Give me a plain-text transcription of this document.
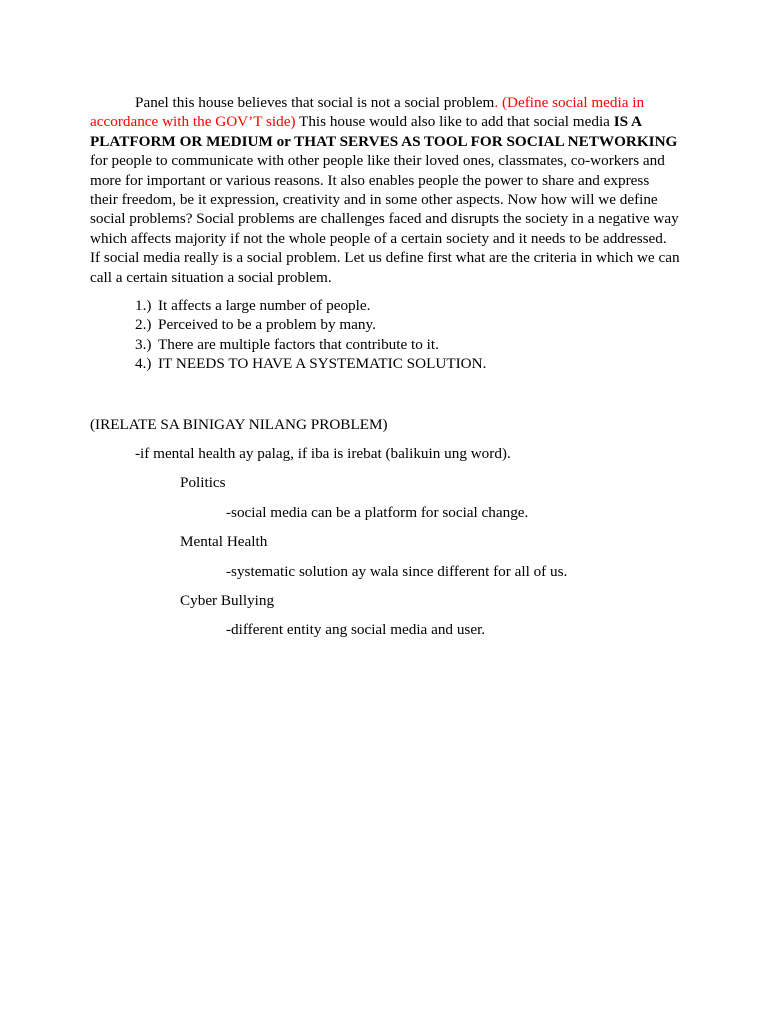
Panel this house believes that social is not a social problem. (Define social media in accordance with the GOV’T side) This house would also like to add that social media IS A PLATFORM OR MEDIUM or THAT SERVES AS TOOL FOR SOCIAL NETWORKING for people to communicate with other people like their loved ones, classmates, co-workers and more for important or various reasons. It also enables people the power to share and express their freedom, be it expression, creativity and in some other aspects. Now how will we define social problems? Social problems are challenges faced and disrupts the society in a negative way which affects majority if not the whole people of a certain society and it needs to be addressed. If social media really is a social problem. Let us define first what are the criteria in which we can call a certain situation a social problem.

1.) It affects a large number of people.
2.) Perceived to be a problem by many.
3.) There are multiple factors that contribute to it.
4.) IT NEEDS TO HAVE A SYSTEMATIC SOLUTION.

(IRELATE SA BINIGAY NILANG PROBLEM)

-if mental health ay palag, if iba is irebat (balikuin ung word).

Politics

-social media can be a platform for social change.

Mental Health

-systematic solution ay wala since different for all of us.

Cyber Bullying

-different entity ang social media and user.
